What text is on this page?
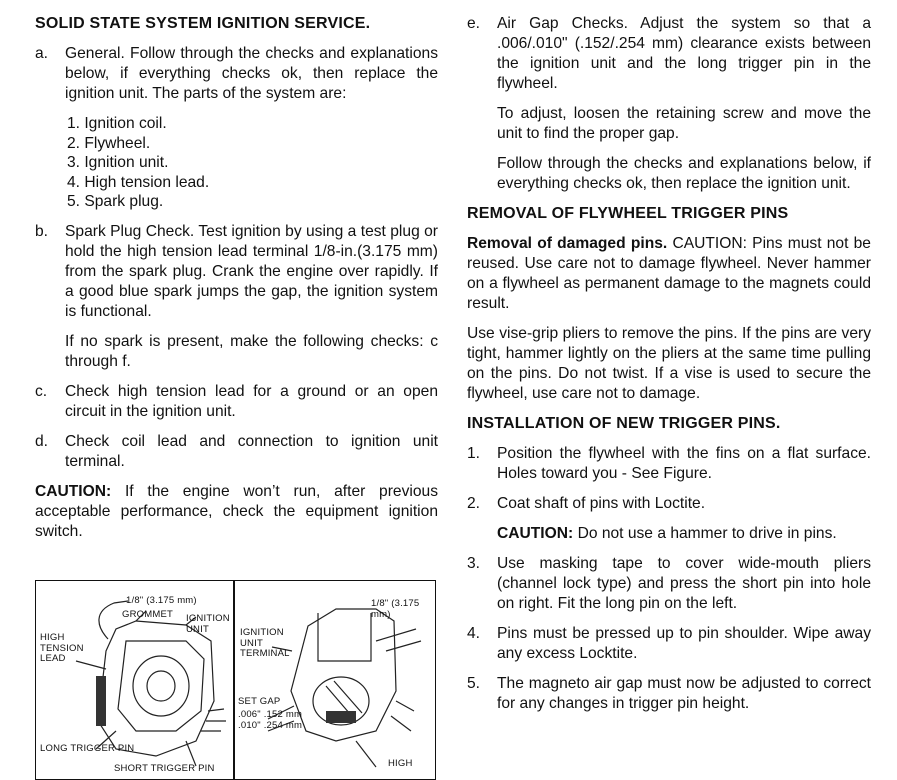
SOLID STATE SYSTEM IGNITION SERVICE.
a.	General. Follow through the checks and explanations below, if everything checks ok, then replace the ignition unit. The parts of the system are:
1. Ignition coil.
2. Flywheel.
3. Ignition unit.
4. High tension lead.
5. Spark plug.
b.	Spark Plug Check. Test ignition by using a test plug or hold the high tension lead terminal 1/8-in.(3.175 mm) from the spark plug. Crank the engine over rapidly. If a good blue spark jumps the gap, the ignition system is functional.
If no spark is present, make the following checks: c through f.
c.	Check high tension lead for a ground or an open circuit in the ignition unit.
d.	Check coil lead and connection to ignition unit terminal.
CAUTION: If the engine won’t run, after previous acceptable performance, check the equipment ignition switch.
1/8" (3.175 mm)
GROMMET IGNITION UNIT
HIGH TENSION LEAD
LONG TRIGGER PIN
SHORT TRIGGER PIN
1/8" (3.175 mm)
IGNITION UNIT TERMINAL
SET GAP
.006" .152 mm
.010" .254 mm
HIGH
e.	Air Gap Checks. Adjust the system so that a .006/.010" (.152/.254 mm) clearance exists between the ignition unit and the long trigger pin in the flywheel.
To adjust, loosen the retaining screw and move the unit to find the proper gap.
Follow through the checks and explanations below, if everything checks ok, then replace the ignition unit.
REMOVAL OF FLYWHEEL TRIGGER PINS
Removal of damaged pins. CAUTION: Pins must not be reused. Use care not to damage flywheel. Never hammer on a flywheel as permanent damage to the magnets could result.
Use vise-grip pliers to remove the pins. If the pins are very tight, hammer lightly on the pliers at the same time pulling on the pins. Do not twist. If a vise is used to secure the flywheel, use care not to damage.
INSTALLATION OF NEW TRIGGER PINS.
1.	Position the flywheel with the fins on a flat surface. Holes toward you - See Figure.
2.	Coat shaft of pins with Loctite.
CAUTION: Do not use a hammer to drive in pins.
3.	Use masking tape to cover wide-mouth pliers (channel lock type) and press the short pin into hole on right. Fit the long pin on the left.
4.	Pins must be pressed up to pin shoulder. Wipe away any excess Locktite.
5.	The magneto air gap must now be adjusted to correct for any changes in trigger pin height.
